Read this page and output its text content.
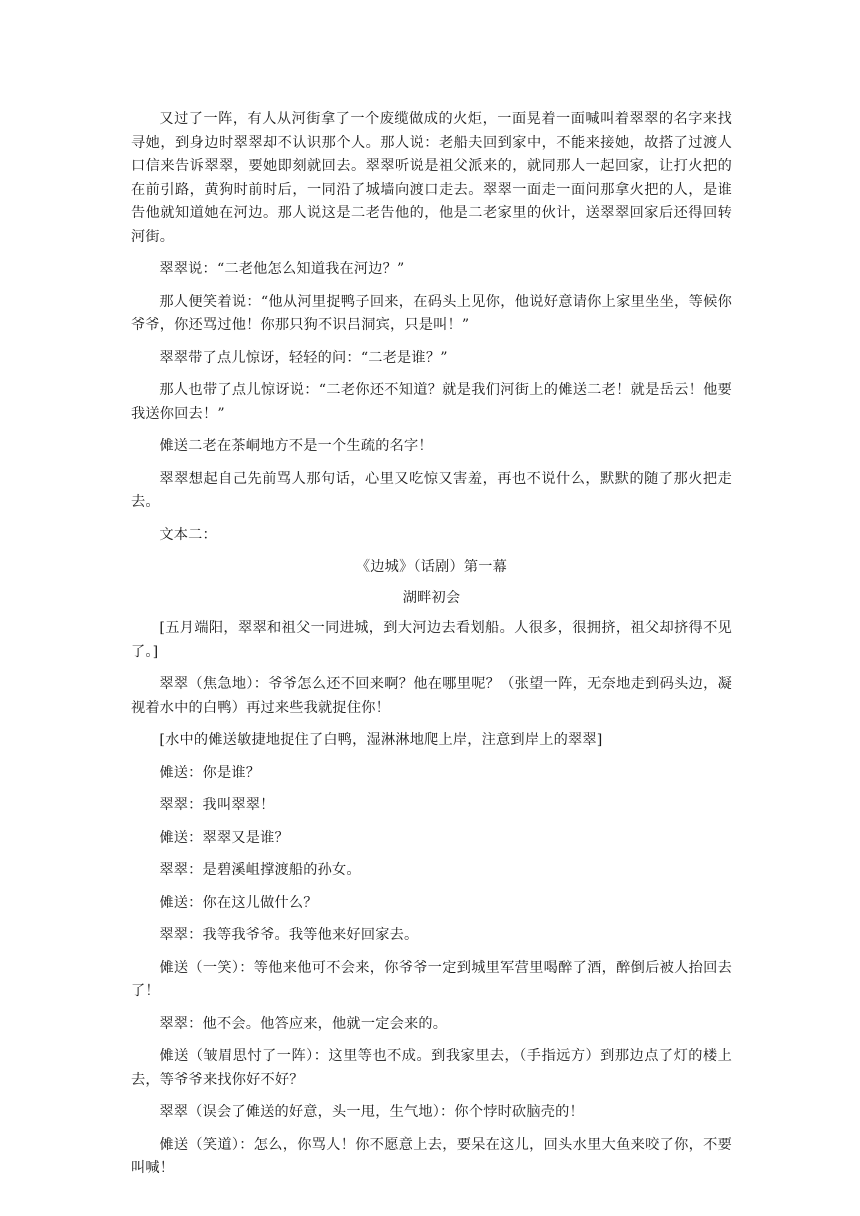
又过了一阵，有人从河街拿了一个废缆做成的火炬，一面晃着一面喊叫着翠翠的名字来找寻她，到身边时翠翠却不认识那个人。那人说：老船夫回到家中，不能来接她，故搭了过渡人口信来告诉翠翠，要她即刻就回去。翠翠听说是祖父派来的，就同那人一起回家，让打火把的在前引路，黄狗时前时后，一同沿了城墙向渡口走去。翠翠一面走一面问那拿火把的人，是谁告他就知道她在河边。那人说这是二老告他的，他是二老家里的伙计，送翠翠回家后还得回转河街。

翠翠说：“二老他怎么知道我在河边？”

那人便笑着说：“他从河里捉鸭子回来，在码头上见你，他说好意请你上家里坐坐，等候你爷爷，你还骂过他！你那只狗不识吕洞宾，只是叫！”

翠翠带了点儿惊讶，轻轻的问：“二老是谁？”

那人也带了点儿惊讶说：“二老你还不知道？就是我们河街上的傩送二老！就是岳云！他要我送你回去！”

傩送二老在茶峒地方不是一个生疏的名字！

翠翠想起自己先前骂人那句话，心里又吃惊又害羞，再也不说什么，默默的随了那火把走去。

文本二：

《边城》（话剧）第一幕

湖畔初会

[五月端阳，翠翠和祖父一同进城，到大河边去看划船。人很多，很拥挤，祖父却挤得不见了。]

翠翠（焦急地）：爷爷怎么还不回来啊？他在哪里呢？（张望一阵，无奈地走到码头边，凝视着水中的白鸭）再过来些我就捉住你！

[水中的傩送敏捷地捉住了白鸭，湿淋淋地爬上岸，注意到岸上的翠翠]

傩送：你是谁？

翠翠：我叫翠翠！

傩送：翠翠又是谁？

翠翠：是碧溪岨撑渡船的孙女。

傩送：你在这儿做什么？

翠翠：我等我爷爷。我等他来好回家去。

傩送（一笑）：等他来他可不会来，你爷爷一定到城里军营里喝醉了酒，醉倒后被人抬回去了！

翠翠：他不会。他答应来，他就一定会来的。

傩送（皱眉思忖了一阵）：这里等也不成。到我家里去，（手指远方）到那边点了灯的楼上去，等爷爷来找你好不好？

翠翠（误会了傩送的好意，头一甩，生气地）：你个悖时砍脑壳的！

傩送（笑道）：怎么，你骂人！你不愿意上去，要呆在这儿，回头水里大鱼来咬了你，不要叫喊！
